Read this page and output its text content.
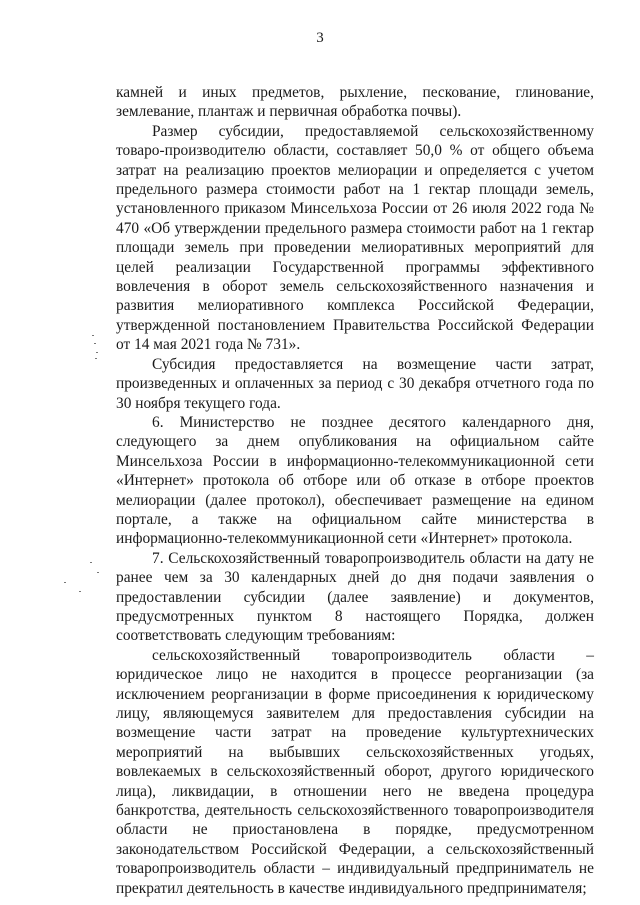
3

камней и иных предметов, рыхление, пескование, глинование, землевание, плантаж и первичная обработка почвы).

Размер субсидии, предоставляемой сельскохозяйственному товаро-производителю области, составляет 50,0 % от общего объема затрат на реализацию проектов мелиорации и определяется с учетом предельного размера стоимости работ на 1 гектар площади земель, установленного приказом Минсельхоза России от 26 июля 2022 года № 470 «Об утверждении предельного размера стоимости работ на 1 гектар площади земель при проведении мелиоративных мероприятий для целей реализации Государственной программы эффективного вовлечения в оборот земель сельскохозяйственного назначения и развития мелиоративного комплекса Российской Федерации, утвержденной постановлением Правительства Российской Федерации от 14 мая 2021 года № 731».

Субсидия предоставляется на возмещение части затрат, произведенных и оплаченных за период с 30 декабря отчетного года по 30 ноября текущего года.

6. Министерство не позднее десятого календарного дня, следующего за днем опубликования на официальном сайте Минсельхоза России в информационно-телекоммуникационной сети «Интернет» протокола об отборе или об отказе в отборе проектов мелиорации (далее протокол), обеспечивает размещение на едином портале, а также на официальном сайте министерства в информационно-телекоммуникационной сети «Интернет» протокола.

7. Сельскохозяйственный товаропроизводитель области на дату не ранее чем за 30 календарных дней до дня подачи заявления о предоставлении субсидии (далее заявление) и документов, предусмотренных пунктом 8 настоящего Порядка, должен соответствовать следующим требованиям:

сельскохозяйственный товаропроизводитель области – юридическое лицо не находится в процессе реорганизации (за исключением реорганизации в форме присоединения к юридическому лицу, являющемуся заявителем для предоставления субсидии на возмещение части затрат на проведение культуртехнических мероприятий на выбывших сельскохозяйственных угодьях, вовлекаемых в сельскохозяйственный оборот, другого юридического лица), ликвидации, в отношении него не введена процедура банкротства, деятельность сельскохозяйственного товаропроизводителя области не приостановлена в порядке, предусмотренном законодательством Российской Федерации, а сельскохозяйственный товаропроизводитель области – индивидуальный предприниматель не прекратил деятельность в качестве индивидуального предпринимателя;
